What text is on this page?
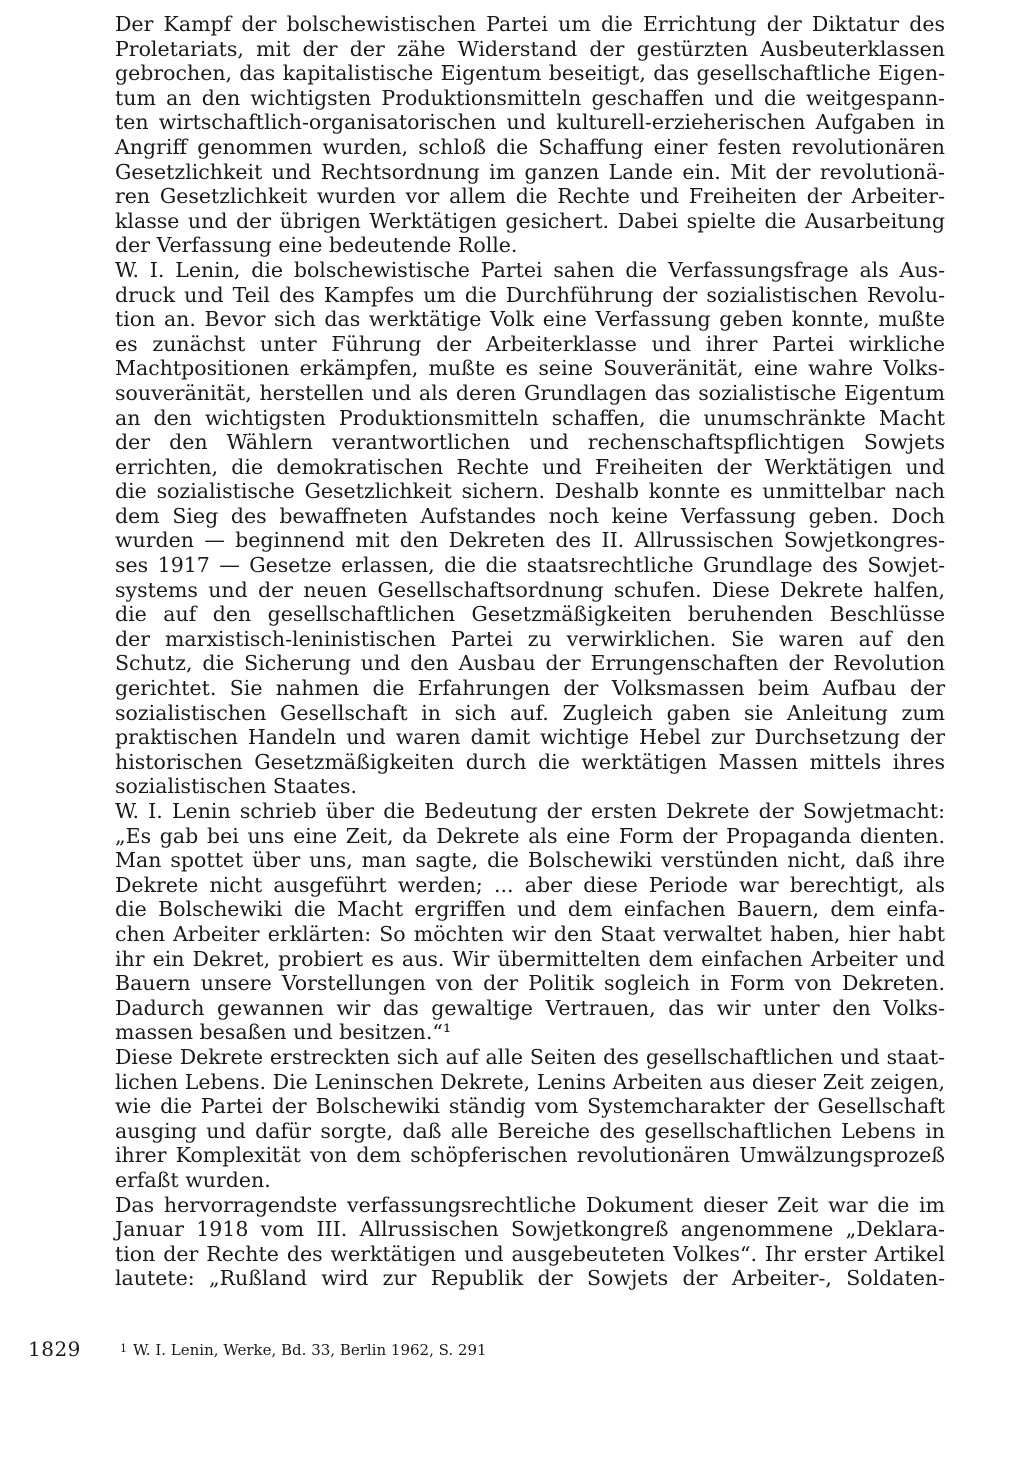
Der Kampf der bolschewistischen Partei um die Errichtung der Diktatur des
Proletariats, mit der der zähe Widerstand der gestürzten Ausbeuterklassen
gebrochen, das kapitalistische Eigentum beseitigt, das gesellschaftliche Eigen-
tum an den wichtigsten Produktionsmitteln geschaffen und die weitgespann-
ten wirtschaftlich-organisatorischen und kulturell-erzieherischen Aufgaben in
Angriff genommen wurden, schloß die Schaffung einer festen revolutionären
Gesetzlichkeit und Rechtsordnung im ganzen Lande ein. Mit der revolutionä-
ren Gesetzlichkeit wurden vor allem die Rechte und Freiheiten der Arbeiter-
klasse und der übrigen Werktätigen gesichert. Dabei spielte die Ausarbeitung
der Verfassung eine bedeutende Rolle.
W. I. Lenin, die bolschewistische Partei sahen die Verfassungsfrage als Aus-
druck und Teil des Kampfes um die Durchführung der sozialistischen Revolu-
tion an. Bevor sich das werktätige Volk eine Verfassung geben konnte, mußte
es zunächst unter Führung der Arbeiterklasse und ihrer Partei wirkliche
Machtpositionen erkämpfen, mußte es seine Souveränität, eine wahre Volks-
souveränität, herstellen und als deren Grundlagen das sozialistische Eigentum
an den wichtigsten Produktionsmitteln schaffen, die unumschränkte Macht
der den Wählern verantwortlichen und rechenschaftspflichtigen Sowjets
errichten, die demokratischen Rechte und Freiheiten der Werktätigen und
die sozialistische Gesetzlichkeit sichern. Deshalb konnte es unmittelbar nach
dem Sieg des bewaffneten Aufstandes noch keine Verfassung geben. Doch
wurden — beginnend mit den Dekreten des II. Allrussischen Sowjetkongres-
ses 1917 — Gesetze erlassen, die die staatsrechtliche Grundlage des Sowjet-
systems und der neuen Gesellschaftsordnung schufen. Diese Dekrete halfen,
die auf den gesellschaftlichen Gesetzmäßigkeiten beruhenden Beschlüsse
der marxistisch-leninistischen Partei zu verwirklichen. Sie waren auf den
Schutz, die Sicherung und den Ausbau der Errungenschaften der Revolution
gerichtet. Sie nahmen die Erfahrungen der Volksmassen beim Aufbau der
sozialistischen Gesellschaft in sich auf. Zugleich gaben sie Anleitung zum
praktischen Handeln und waren damit wichtige Hebel zur Durchsetzung der
historischen Gesetzmäßigkeiten durch die werktätigen Massen mittels ihres
sozialistischen Staates.
W. I. Lenin schrieb über die Bedeutung der ersten Dekrete der Sowjetmacht:
„Es gab bei uns eine Zeit, da Dekrete als eine Form der Propaganda dienten.
Man spottet über uns, man sagte, die Bolschewiki verstünden nicht, daß ihre
Dekrete nicht ausgeführt werden; ... aber diese Periode war berechtigt, als
die Bolschewiki die Macht ergriffen und dem einfachen Bauern, dem einfa-
chen Arbeiter erklärten: So möchten wir den Staat verwaltet haben, hier habt
ihr ein Dekret, probiert es aus. Wir übermittelten dem einfachen Arbeiter und
Bauern unsere Vorstellungen von der Politik sogleich in Form von Dekreten.
Dadurch gewannen wir das gewaltige Vertrauen, das wir unter den Volks-
massen besaßen und besitzen.“¹
Diese Dekrete erstreckten sich auf alle Seiten des gesellschaftlichen und staat-
lichen Lebens. Die Leninschen Dekrete, Lenins Arbeiten aus dieser Zeit zeigen,
wie die Partei der Bolschewiki ständig vom Systemcharakter der Gesellschaft
ausging und dafür sorgte, daß alle Bereiche des gesellschaftlichen Lebens in
ihrer Komplexität von dem schöpferischen revolutionären Umwälzungsprozeß
erfaßt wurden.
Das hervorragendste verfassungsrechtliche Dokument dieser Zeit war die im
Januar 1918 vom III. Allrussischen Sowjetkongreß angenommene „Deklara-
tion der Rechte des werktätigen und ausgebeuteten Volkes“. Ihr erster Artikel
lautete: „Rußland wird zur Republik der Sowjets der Arbeiter-, Soldaten-
1829	$^1$ W. I. Lenin, Werke, Bd. 33, Berlin 1962, S. 291
